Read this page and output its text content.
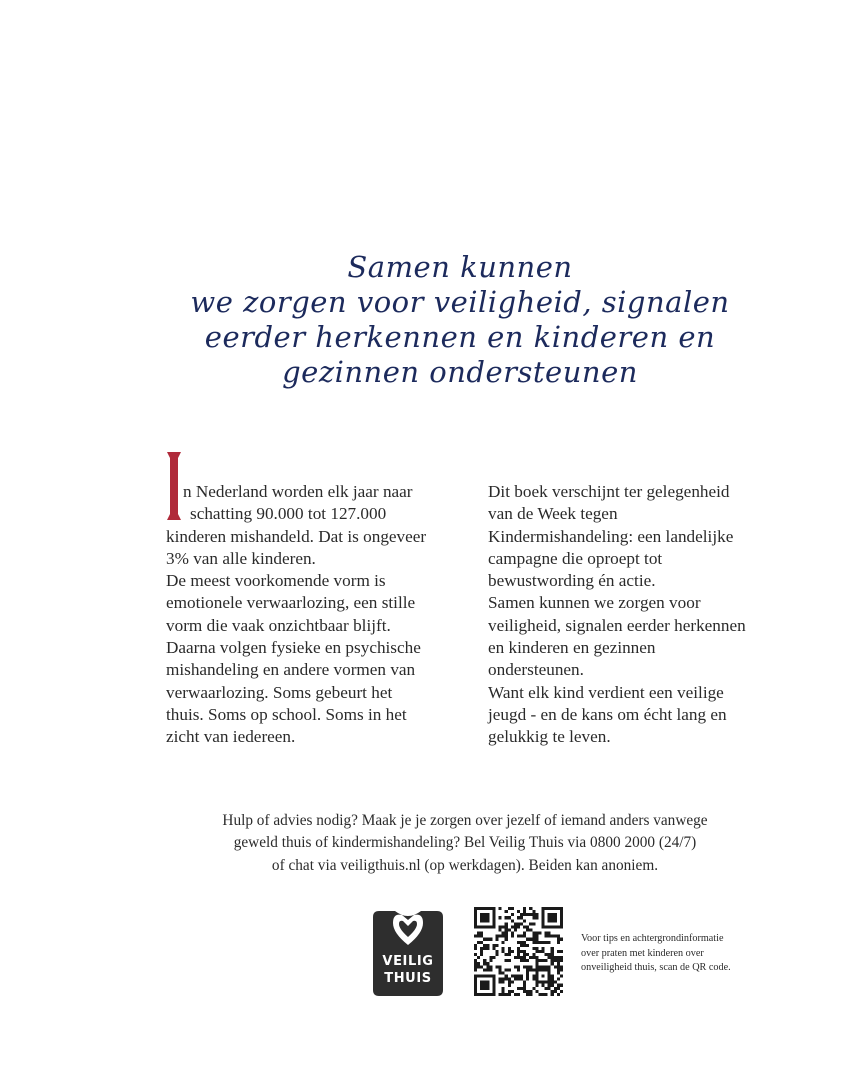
Samen kunnen
we zorgen voor veiligheid, signalen
eerder herkennen en kinderen en
gezinnen ondersteunen
n Nederland worden elk jaar naar
schatting 90.000 tot 127.000
kinderen mishandeld. Dat is ongeveer
3% van alle kinderen.
De meest voorkomende vorm is
emotionele verwaarlozing, een stille
vorm die vaak onzichtbaar blijft.
Daarna volgen fysieke en psychische
mishandeling en andere vormen van
verwaarlozing. Soms gebeurt het
thuis. Soms op school. Soms in het
zicht van iedereen.
Dit boek verschijnt ter gelegenheid
van de Week tegen
Kindermishandeling: een landelijke
campagne die oproept tot
bewustwording én actie.
Samen kunnen we zorgen voor
veiligheid, signalen eerder herkennen
en kinderen en gezinnen
ondersteunen.
Want elk kind verdient een veilige
jeugd - en de kans om écht lang en
gelukkig te leven.
Hulp of advies nodig? Maak je je zorgen over jezelf of iemand anders vanwege
geweld thuis of kindermishandeling? Bel Veilig Thuis via 0800 2000 (24/7)
of chat via veiligthuis.nl (op werkdagen). Beiden kan anoniem.
VEILIG
THUIS
Voor tips en achtergrondinformatie
over praten met kinderen over
onveiligheid thuis, scan de QR code.
